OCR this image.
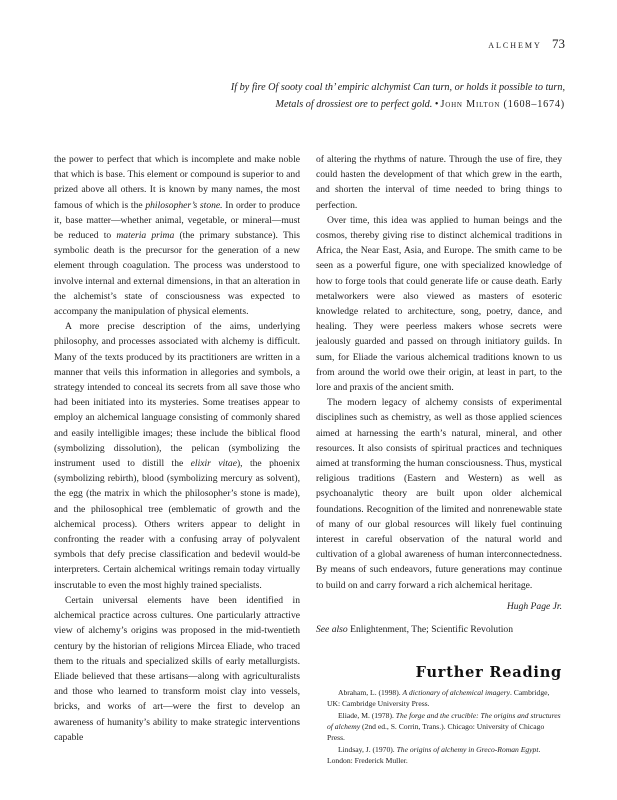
alchemy 73
If by fire Of sooty coal th’ empiric alchymist Can turn, or holds it possible to turn,
Metals of drossiest ore to perfect gold. • John Milton (1608–1674)

the power to perfect that which is incomplete and make noble that which is base. This element or compound is superior to and prized above all others. It is known by many names, the most famous of which is the philosopher’s stone. In order to produce it, base matter—whether animal, vegetable, or mineral—must be reduced to materia prima (the primary substance). This symbolic death is the precursor for the generation of a new element through coagulation. The process was understood to involve internal and external dimensions, in that an alteration in the alchemist’s state of consciousness was expected to accompany the manipulation of physical elements.

A more precise description of the aims, underlying philosophy, and processes associated with alchemy is difficult. Many of the texts produced by its practitioners are written in a manner that veils this information in allegories and symbols, a strategy intended to conceal its secrets from all save those who had been initiated into its mysteries. Some treatises appear to employ an alchemical language consisting of commonly shared and easily intelligible images; these include the biblical flood (symbolizing dissolution), the pelican (symbolizing the instrument used to distill the elixir vitae), the phoenix (symbolizing rebirth), blood (symbolizing mercury as solvent), the egg (the matrix in which the philosopher’s stone is made), and the philosophical tree (emblematic of growth and the alchemical process). Others writers appear to delight in confronting the reader with a confusing array of polyvalent symbols that defy precise classification and bedevil would-be interpreters. Certain alchemical writings remain today virtually inscrutable to even the most highly trained specialists.

Certain universal elements have been identified in alchemical practice across cultures. One particularly attractive view of alchemy’s origins was proposed in the mid-twentieth century by the historian of religions Mircea Eliade, who traced them to the rituals and specialized skills of early metallurgists. Eliade believed that these artisans—along with agriculturalists and those who learned to transform moist clay into vessels, bricks, and works of art—were the first to develop an awareness of humanity’s ability to make strategic interventions capable

of altering the rhythms of nature. Through the use of fire, they could hasten the development of that which grew in the earth, and shorten the interval of time needed to bring things to perfection.

Over time, this idea was applied to human beings and the cosmos, thereby giving rise to distinct alchemical traditions in Africa, the Near East, Asia, and Europe. The smith came to be seen as a powerful figure, one with specialized knowledge of how to forge tools that could generate life or cause death. Early metalworkers were also viewed as masters of esoteric knowledge related to architecture, song, poetry, dance, and healing. They were peerless makers whose secrets were jealously guarded and passed on through initiatory guilds. In sum, for Eliade the various alchemical traditions known to us from around the world owe their origin, at least in part, to the lore and praxis of the ancient smith.

The modern legacy of alchemy consists of experimental disciplines such as chemistry, as well as those applied sciences aimed at harnessing the earth’s natural, mineral, and other resources. It also consists of spiritual practices and techniques aimed at transforming the human consciousness. Thus, mystical religious traditions (Eastern and Western) as well as psychoanalytic theory are built upon older alchemical foundations. Recognition of the limited and nonrenewable state of many of our global resources will likely fuel continuing interest in careful observation of the natural world and cultivation of a global awareness of human interconnectedness. By means of such endeavors, future generations may continue to build on and carry forward a rich alchemical heritage.

Hugh Page Jr.

See also Enlightenment, The; Scientific Revolution

Further Reading

Abraham, L. (1998). A dictionary of alchemical imagery. Cambridge, UK: Cambridge University Press.

Eliade, M. (1978). The forge and the crucible: The origins and structures of alchemy (2nd ed., S. Corrin, Trans.). Chicago: University of Chicago Press.

Lindsay, J. (1970). The origins of alchemy in Greco-Roman Egypt. London: Frederick Muller.
